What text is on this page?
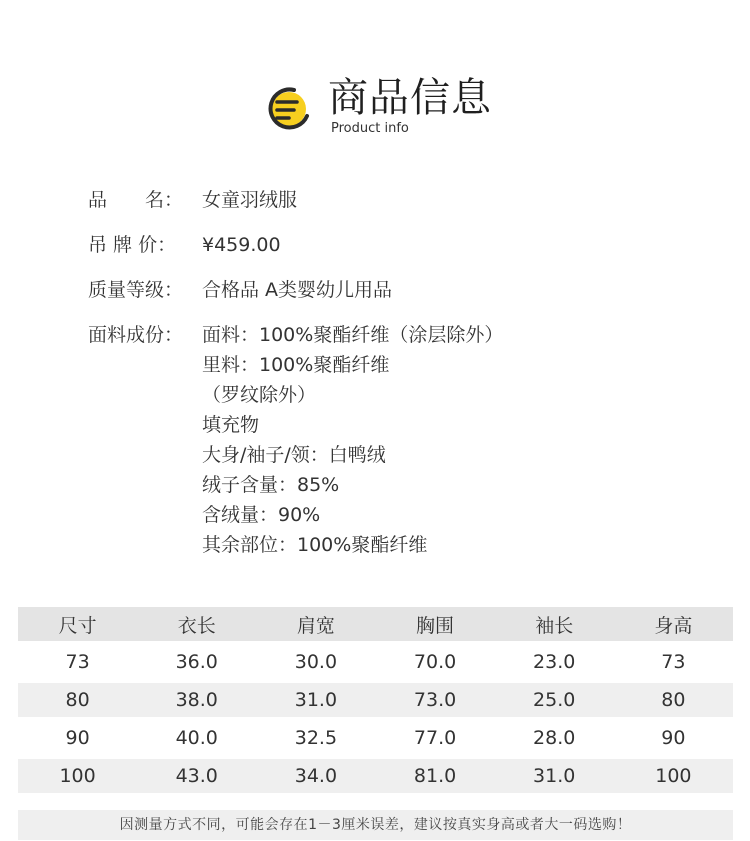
商品信息
Product info
品　　名： 女童羽绒服
吊 牌 价：	¥459.00
质量等级： 合格品 A类婴幼儿用品
面料成份： 面料：100%聚酯纤维（涂层除外）
里料：100%聚酯纤维
（罗纹除外）
填充物
大身/袖子/领：白鸭绒
绒子含量：85%
含绒量：90%
其余部位：100%聚酯纤维
尺寸	衣长	肩宽	胸围	袖长	身高
73	36.0	30.0	70.0	23.0	73
80	38.0	31.0	73.0	25.0	80
90	40.0	32.5	77.0	28.0	90
100	43.0	34.0	81.0	31.0	100
因测量方式不同，可能会存在1－3厘米误差，建议按真实身高或者大一码选购！
